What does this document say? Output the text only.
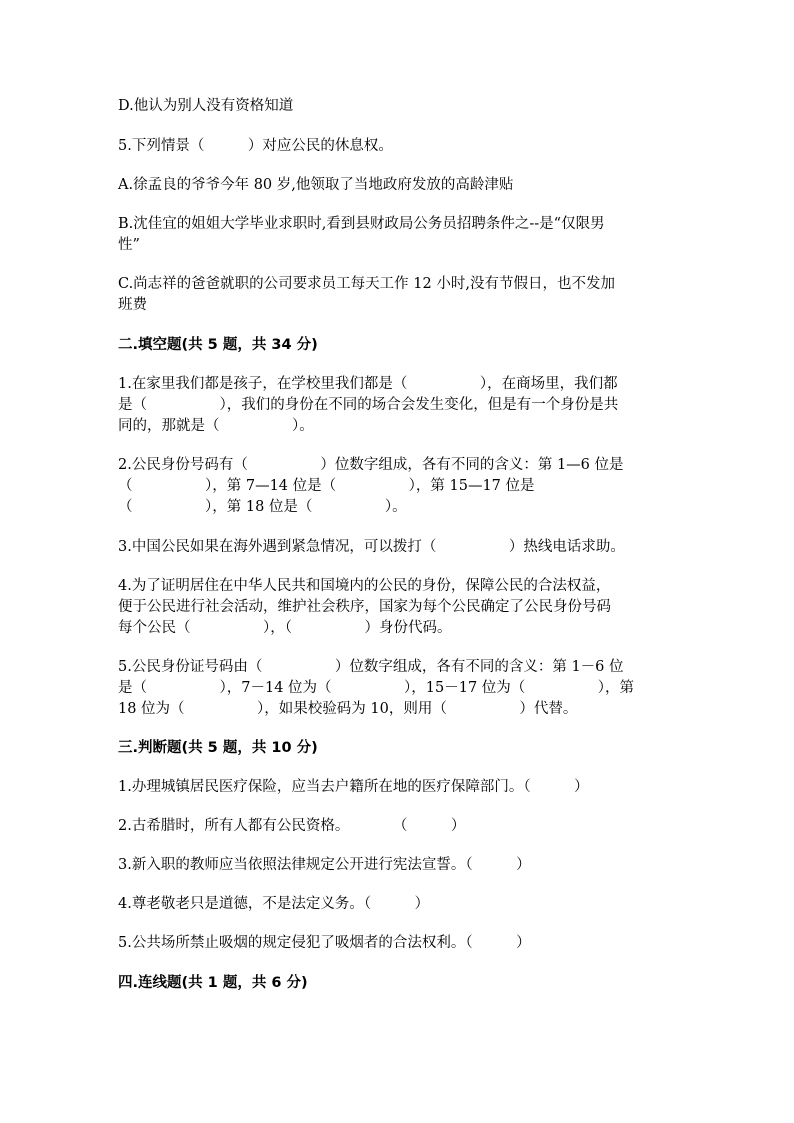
D.他认为别人没有资格知道
5.下列情景（　　　）对应公民的休息权。
A.徐孟良的爷爷今年 80 岁,他领取了当地政府发放的高龄津贴
B.沈佳宜的姐姐大学毕业求职时,看到县财政局公务员招聘条件之--是“仅限男
性”
C.尚志祥的爸爸就职的公司要求员工每天工作 12 小时,没有节假日，也不发加
班费
二.填空题(共 5 题，共 34 分)
1.在家里我们都是孩子，在学校里我们都是（　　　　　），在商场里，我们都
是（　　　　　），我们的身份在不同的场合会发生变化，但是有一个身份是共
同的，那就是（　　　　　）。
2.公民身份号码有（　　　　　）位数字组成，各有不同的含义：第 1—6 位是
（　　　　　），第 7—14 位是（　　　　　），第 15—17 位是
（　　　　　），第 18 位是（　　　　　）。
3.中国公民如果在海外遇到紧急情况，可以拨打（　　　　　）热线电话求助。
4.为了证明居住在中华人民共和国境内的公民的身份，保障公民的合法权益，
便于公民进行社会活动，维护社会秩序，国家为每个公民确定了公民身份号码
每个公民（　　　　　），（　　　　　）身份代码。
5.公民身份证号码由（　　　　　）位数字组成，各有不同的含义：第 1－6 位
是（　　　　　），7－14 位为（　　　　　），15－17 位为（　　　　　），第
18 位为（　　　　　），如果校验码为 10，则用（　　　　　）代替。
三.判断题(共 5 题，共 10 分)
1.办理城镇居民医疗保险，应当去户籍所在地的医疗保障部门。（　　　）
2.古希腊时，所有人都有公民资格。　　　　（　　　）
3.新入职的教师应当依照法律规定公开进行宪法宣誓。（　　　）
4.尊老敬老只是道德，不是法定义务。（　　　）
5.公共场所禁止吸烟的规定侵犯了吸烟者的合法权利。（　　　）
四.连线题(共 1 题，共 6 分)
